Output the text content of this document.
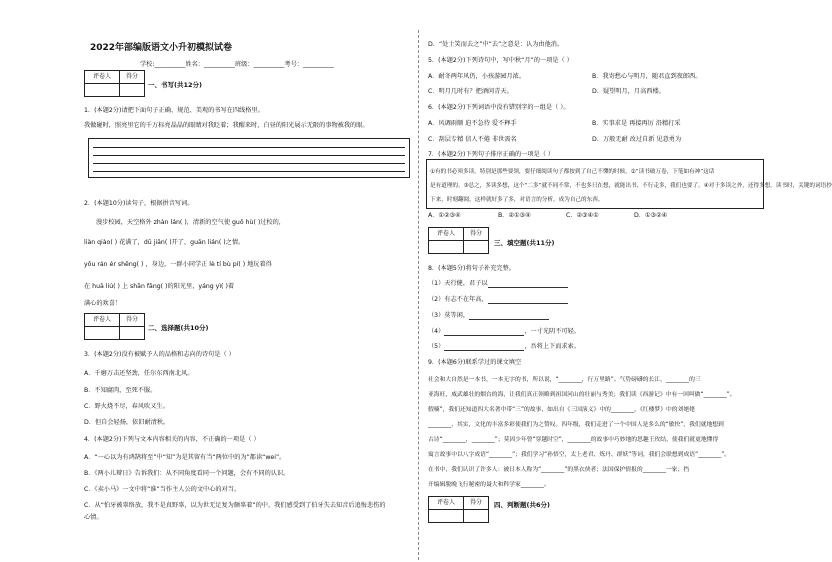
2022年部编版语文小升初模拟试卷
学校:__________姓名：__________班级：__________考号：__________
评卷人	得分
一、书写(共12分)
1．(本题2分)请把下面句子正确、规范、美观的书写在四线格里。
我做碰时，照亮里它的千万标亮晶晶的眼睛对我眨着；我醒来时，白昼的阳光展示无限的事物被我的眼。
2．(本题10分)读句子，根据拼音写词。
漫步校园，天空格外 zhàn lán( )，清新的空气使 guō hù( )过校的，
liàn qiào( ) 花满了，dū jiān( )开了，guān lián( )之情。
yōu rán ér shēng( ) ，身边，一群小同学正 lè tí bù pí( ) 地玩着得
在 huā liú( ) 上 shān fāng( )的阳光里，yáng yì( )着
满心的欢喜！
评卷人	得分
二、选择题(共10分)
3．(本题2分)没有被赋予人的品格和志向的诗句是（ ）
A．千磨万击还坚劲，任尔东西南北风。
B．不知腐肉，至死不服。
C．野火烧不尽，春风吹又生。
D．但自会轻扬，依旧耐清秋。
4．(本题2分)下列与文本内容相关的内容，不正确的一项是（ ）
A．“一心以为有鸿鹄将至”中“知”为是其留有当“两位中的为”都读“wei”。
B．《两小儿辩日》告诉我们：从不同角度看同一个问题，会有不同的认识。
C．《卖小马》一文中将“谁”当作主人公的文中心的对当。
C．从“怕牙被辜络放，我不是真野辜，以为世无足复为颇辜着”的中，我们感受到了伯牙失去知音后追悔悲伤的
心情。
D．“处士笑而去之”中“去”之意是：认为由他消。
5．(本题2分)下列诗句中，写中秋“月”的一项是（ ）
A．耐冬两年风仍，小孩游园月浓。	B．我寄愁心与明月，随君直到夜郎西。
C．明月几时有？把酒问青天。	D．疑望明月，月高西楼。
6．(本题2分)下列词语中没有错别字的一组是（ ）。
A．风调雨顺 迫不急待 爱不释手	B．实事求是 再接再厉 沿精打采
C．刮层专精 信人不倦 非世需名	D．万般无耐 改过自新 见意勇为
7．(本题2分)下列句子排序正确的一项是（ ）
①有的书必须多读，特别是那些要领，要仔细阅读句子都按到了自己不懂的时候。②“读书破万卷，下笔如有神”这话
是有道理的。③总之，多读多想，这个“二多”就不同不常，不也多只在想，就能出书，不行走多，我们也要了。④对于多读之外，还得多想。读书时，关键的词语抄
下来，时刻翻阅，这样就好多了多，对语言的分析，成为自己的东西。
A．①②③④	B．②①③④	C．②③④①	D．①③②④
评卷人	得分
三、填空题(共11分)
8．(本题5分)将句子补充完整。
（1）天行健，君子以
（2）有志不在年高，
（3）莫等闲，
（4）	，一寸光阴不可轻。
（5）	，吾将上下而求索。
9．(本题6分)联系学过的课文填空
社会和大自然是一本书，一本无字的书，所以说，“________，行万里路”。气势磅礴的长江，________的三
亚海旺，威武雄壮的烟台的海，让我们真正领略到祖国河山的壮丽与秀美；我们读《西游记》中有一回叫做“________”。
假楠”，我们还知道四大名著中带“三”的故事，如出自《三国演义》中的________，《红楼梦》中的刘姥姥
________，其实，文化的丰富多彩使我们为之赞叹。四年级，我们走进了一个中国人是多么的“敏快”，我们就地想到
古诗“________，________”；莫因少年曾“穿越时空”，________的故事中巧妙地的思趣王玫结，使我们就更地懂得
寓言故事中以八字成语“________”；我们学习“孙悟空，太上老君、炼丹、群妖”等词，我们会联想到成语“________”。
在书中，我们认识了许多人：被日本人称为“________”的黑衣侠者；法国保护情报的________一家；挡
开编辑脱晚飞行秘密的聂大和科学家________。
评卷人	得分	四、判断题(共6分)
